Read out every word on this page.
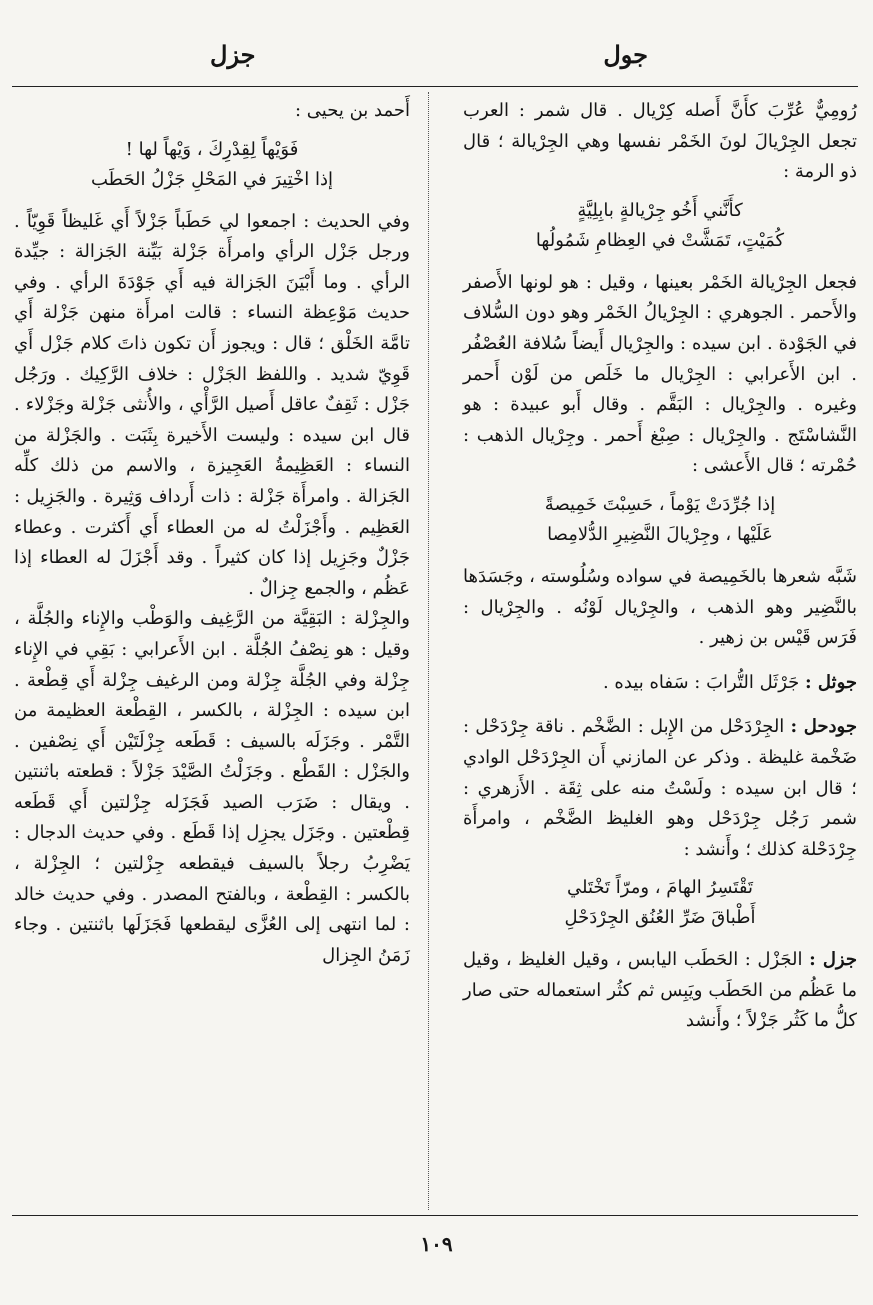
جول
جزل

رُومِيٌّ عُرِّبَ كأَنَّ أَصله كِرْيال . قال شمر : العرب تجعل الجِرْيالَ لونَ الخَمْر نفسها وهي الجِرْيالة ؛ قال ذو الرمة :

كأَنَّني أَخُو جِرْيالةٍ بابِلِيَّةٍ
كُمَيْتٍ، تَمَشَّتْ في العِظامِ شَمُولُها

فجعل الجِرْيالة الخَمْر بعينها ، وقيل : هو لونها الأَصفر والأَحمر . الجوهري : الجِرْيالُ الخَمْر وهو دون السُّلاف في الجَوْدة . ابن سيده : والجِرْيال أَيضاً سُلافة العُصْفُر . ابن الأَعرابي : الجِرْيال ما خَلَص من لَوْن أَحمر وغيره . والجِرْيال : البَقَّم . وقال أَبو عبيدة : هو النَّشاسْتَج . والجِرْيال : صِبْغ أَحمر . وجِرْيال الذهب : حُمْرته ؛ قال الأَعشى :

إذا جُرِّدَتْ يَوْماً ، حَسِبْتَ خَمِيصةً
عَلَيْها ، وجِرْيالَ النَّضِيرِ الدُّلامِصا

شَبَّه شعرها بالخَمِيصة في سواده وسُلُوسته ، وجَسَدَها بالنَّضِير وهو الذهب ، والجِرْيال لَوْنُه . والجِرْيال : فَرَس قَيْس بن زهير .

جوثل : جَرْثَل التُّرابَ : سَفاه بيده .

جودحل : الجِرْدَحْل من الإِبل : الضَّخْم . ناقة جِرْدَحْل : ضَخْمة غليظة . وذكر عن المازني أَن الجِرْدَحْل الوادي ؛ قال ابن سيده : ولَسْتُ منه على ثِقَة . الأَزهري : شمر رَجُل جِرْدَحْل وهو الغليظ الضَّخْم ، وامرأَة جِرْدَحْلة كذلك ؛ وأَنشد :

تَقْتَسِرُ الهامَ ، ومرّاً تَخْتَلي
أَطْباقَ ضَرِّ العُنُق الجِرْدَحْلِ

جزل : الجَزْل : الحَطَب اليابس ، وقيل الغليظ ، وقيل ما عَظُم من الحَطَب ويَبِس ثم كثُر استعماله حتى صار كلُّ ما كَثُر جَزْلاً ؛ وأَنشد

أَحمد بن يحيى :

فَوَيْهاً لِقِدْرِكَ ، وَيْهاً لها !
إذا اخْتِيرَ في المَحْلِ جَزْلُ الحَطَب

وفي الحديث : اجمعوا لي حَطَباً جَزْلاً أَي غَليظاً قَوِيّاً . ورجل جَزْل الرأي وامرأَة جَزْلة بَيِّنة الجَزالة : جيِّدة الرأي . وما أَبْيَنَ الجَزالة فيه أَي جَوْدَةَ الرأي . وفي حديث مَوْعِظة النساء : قالت امرأَة منهن جَزْلة أَي تامَّة الخَلْق ؛ قال : ويجوز أَن تكون ذاتَ كلام جَزْل أَي قَوِيّ شديد . واللفظ الجَزْل : خلاف الرَّكِيك . ورَجُل جَزْل : ثَقِفٌ عاقل أَصيل الرَّأْي ، والأُنثى جَزْلة وجَزْلاء . قال ابن سيده : وليست الأَخيرة بِثَبَت . والجَزْلة من النساء : العَظِيمةُ العَجِيزة ، والاسم من ذلك كلِّه الجَزالة . وامرأَة جَزْلة : ذات أَرداف وَثِيرة . والجَزِيل : العَظِيم . وأَجْزَلْتُ له من العطاء أَي أَكثرت . وعطاء جَزْلٌ وجَزِيل إذا كان كثيراً . وقد أَجْزَلَ له العطاء إذا عَظُم ، والجمع جِزالٌ .

والجِزْلة : البَقِيَّة من الرَّغِيف والوَطْب والإِناء والجُلَّة ، وقيل : هو نِصْفُ الجُلَّة . ابن الأَعرابي : بَقِي في الإِناء جِزْلة وفي الجُلَّة جِزْلة ومن الرغيف جِزْلة أَي قِطْعة . ابن سيده : الجِزْلة ، بالكسر ، القِطْعة العظيمة من التَّمْر . وجَزَلَه بالسيف : قَطَعه جِزْلَتَيْن أَي نِصْفين . والجَزْل : القَطْع . وجَزَلْتُ الصَّيْدَ جَزْلاً : قطعته باثنتين . ويقال : ضَرَب الصيد فَجَزَله جِزْلتين أَي قَطَعه قِطْعتين . وجَزَل يجزِل إذا قَطَع . وفي حديث الدجال : يَضْرِبُ رجلاً بالسيف فيقطعه جِزْلتين ؛ الجِزْلة ، بالكسر : القِطْعة ، وبالفتح المصدر . وفي حديث خالد : لما انتهى إلى العُزَّى ليقطعها فَجَزَلَها باثنتين . وجاء زَمَنُ الجِزال

١٠٩
